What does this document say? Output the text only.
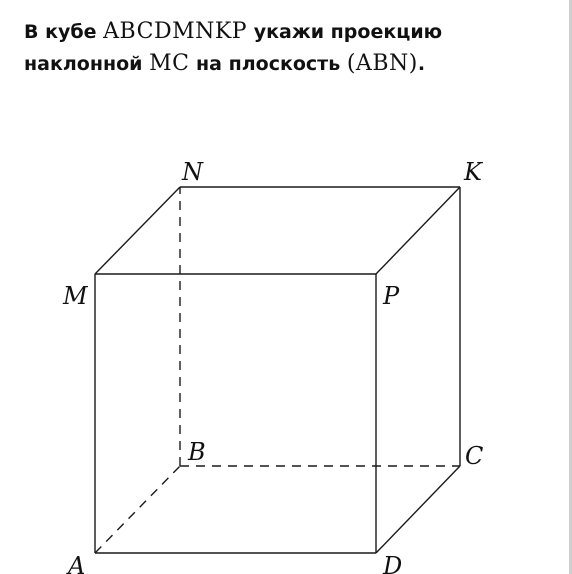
В кубе ABCDMNKP укажи проекцию
наклонной MC на плоскость (ABN).
N	K
M	P
B	C
A	D
